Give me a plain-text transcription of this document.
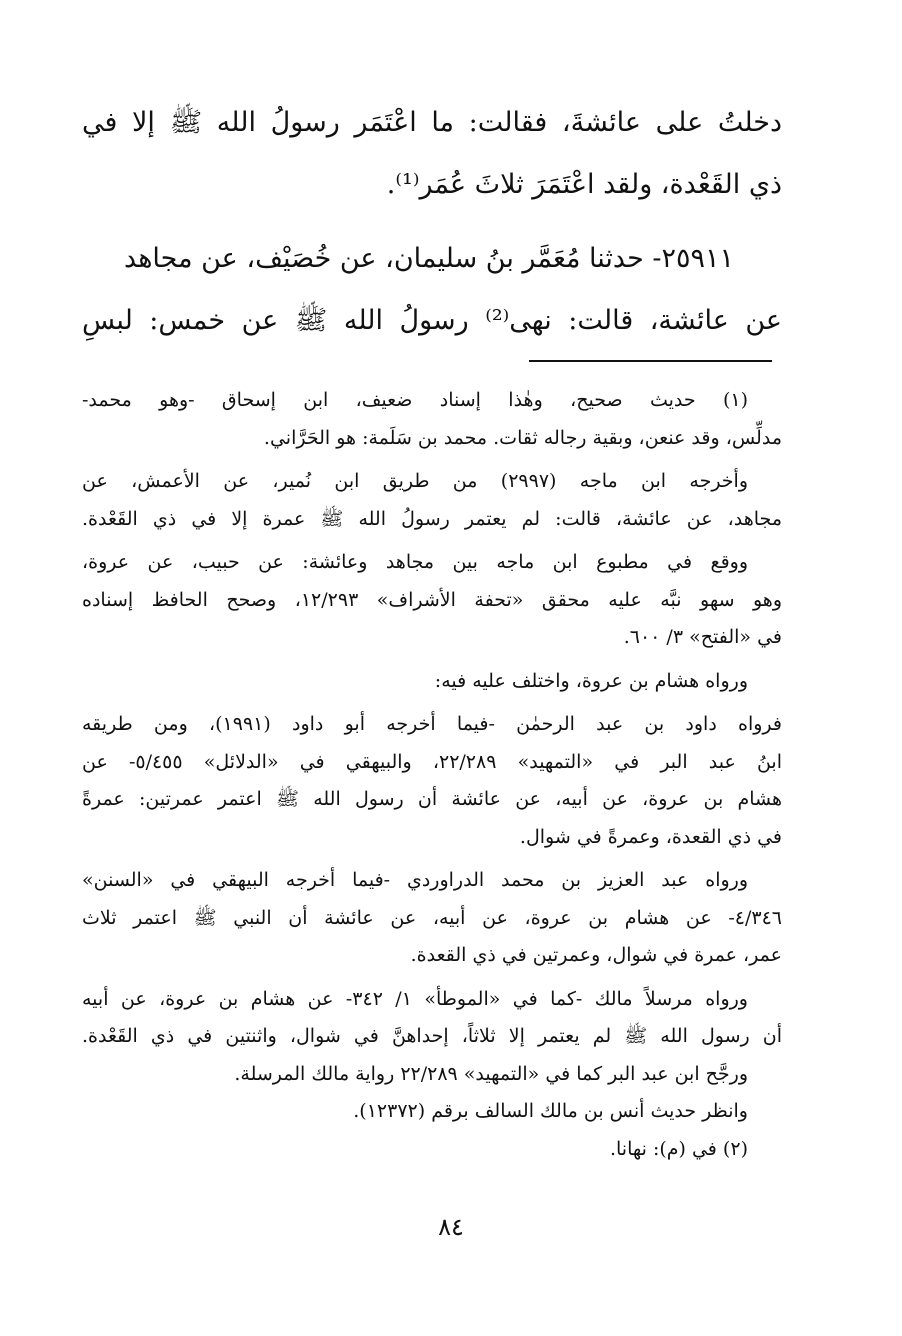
دخلتُ على عائشةَ، فقالت: ما اعْتَمَر رسولُ الله ﷺ إلا في
ذي القَعْدة، ولقد اعْتَمَرَ ثلاثَ عُمَر⁽¹⁾.
٢٥٩١١- حدثنا مُعَمَّر بنُ سليمان، عن خُصَيْف، عن مجاهد
عن عائشة، قالت: نهى⁽²⁾ رسولُ الله ﷺ عن خمس: لبسِ
(١) حديث صحيح، وهٰذا إسناد ضعيف، ابن إسحاق -وهو محمد-
مدلِّس، وقد عنعن، وبقية رجاله ثقات. محمد بن سَلَمة: هو الحَرَّاني.
وأخرجه ابن ماجه (٢٩٩٧) من طريق ابن نُمير، عن الأعمش، عن
مجاهد، عن عائشة، قالت: لم يعتمر رسولُ الله ﷺ عمرة إلا في ذي القَعْدة.
ووقع في مطبوع ابن ماجه بين مجاهد وعائشة: عن حبيب، عن عروة،
وهو سهو نبَّه عليه محقق «تحفة الأشراف» ١٢/٢٩٣، وصحح الحافظ إسناده
في «الفتح» ٣/ ٦٠٠.
ورواه هشام بن عروة، واختلف عليه فيه:
فرواه داود بن عبد الرحمٰن -فيما أخرجه أبو داود (١٩٩١)، ومن طريقه
ابنُ عبد البر في «التمهيد» ٢٢/٢٨٩، والبيهقي في «الدلائل» ٥/٤٥٥- عن
هشام بن عروة، عن أبيه، عن عائشة أن رسول الله ﷺ اعتمر عمرتين: عمرةً
في ذي القعدة، وعمرةً في شوال.
ورواه عبد العزيز بن محمد الدراوردي -فيما أخرجه البيهقي في «السنن»
٤/٣٤٦- عن هشام بن عروة، عن أبيه، عن عائشة أن النبي ﷺ اعتمر ثلاث
عمر، عمرة في شوال، وعمرتين في ذي القعدة.
ورواه مرسلاً مالك -كما في «الموطأ» ١/ ٣٤٢- عن هشام بن عروة، عن أبيه
أن رسول الله ﷺ لم يعتمر إلا ثلاثاً، إحداهنَّ في شوال، واثنتين في ذي القَعْدة.
ورجَّح ابن عبد البر كما في «التمهيد» ٢٢/٢٨٩ رواية مالك المرسلة.
وانظر حديث أنس بن مالك السالف برقم (١٢٣٧٢).
(٢) في (م): نهانا.
٨٤
